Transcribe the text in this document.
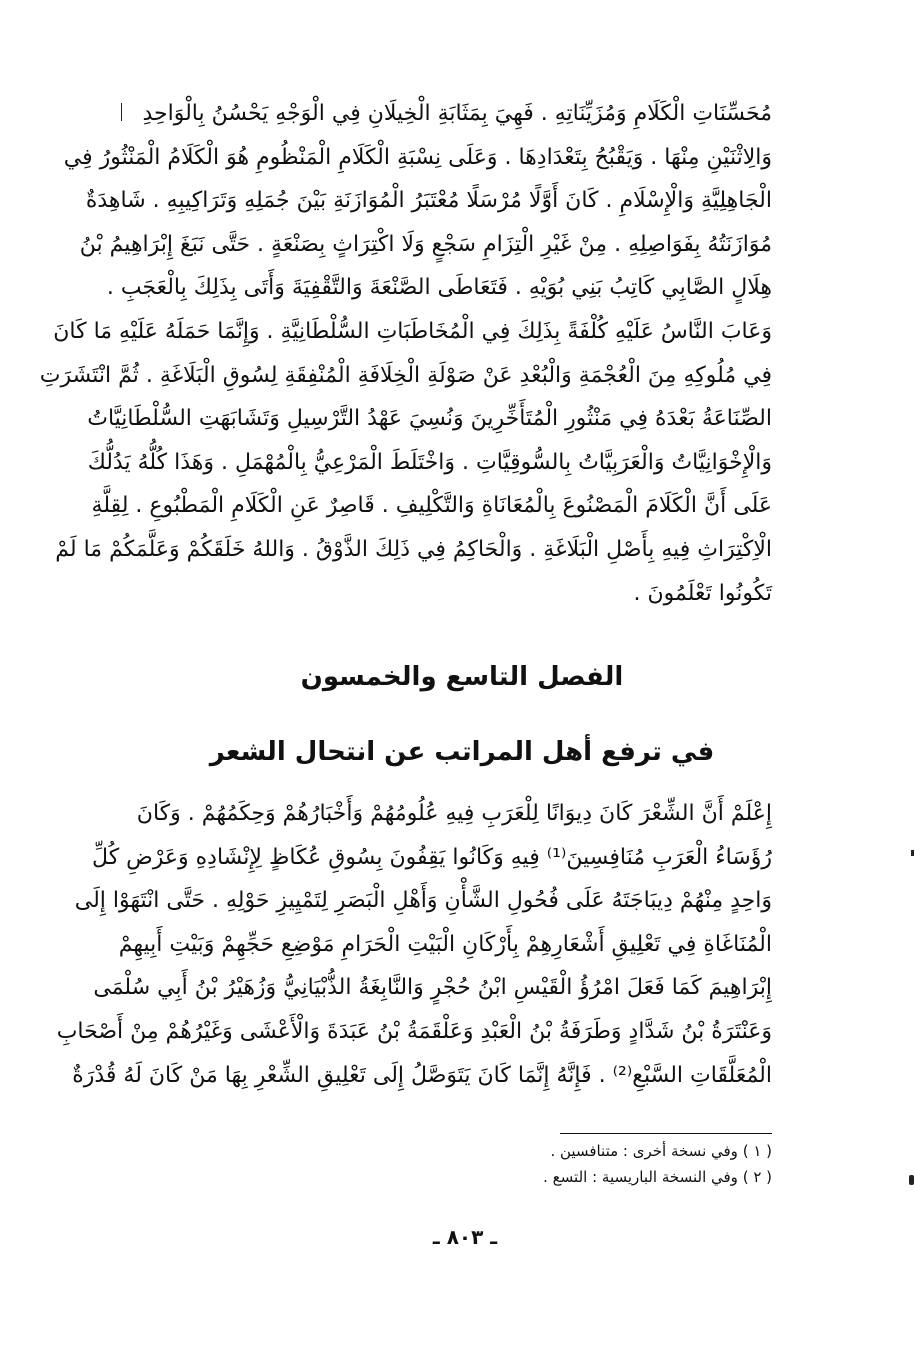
مُحَسِّنَاتِ الْكَلَامِ وَمُزَيِّنَاتِهِ . فَهِيَ بِمَثَابَةِ الْخِيلَانِ فِي الْوَجْهِ يَحْسُنُ بِالْوَاحِدِ
وَالِاثْنَيْنِ مِنْهَا . وَيَقْبُحُ بِتَعْدَادِهَا . وَعَلَى نِسْبَةِ الْكَلَامِ الْمَنْظُومِ هُوَ الْكَلَامُ الْمَنْثُورُ فِي
الْجَاهِلِيَّةِ وَالْإِسْلَامِ . كَانَ أَوَّلًا مُرْسَلًا مُعْتَبَرُ الْمُوَازَنَةِ بَيْنَ جُمَلِهِ وَتَرَاكِيبِهِ . شَاهِدَةٌ
مُوَازَنَتُهُ بِفَوَاصِلِهِ . مِنْ غَيْرِ الْتِزَامِ سَجْعٍ وَلَا اكْتِرَاثٍ بِصَنْعَةٍ . حَتَّى نَبَغَ إِبْرَاهِيمُ بْنُ
هِلَالٍ الصَّابِي كَاتِبُ بَنِي بُوَيْهِ . فَتَعَاطَى الصَّنْعَةَ وَالتَّقْفِيَةَ وَأَتَى بِذَلِكَ بِالْعَجَبِ .
وَعَابَ النَّاسُ عَلَيْهِ كُلْفَةً بِذَلِكَ فِي الْمُخَاطَبَاتِ السُّلْطَانِيَّةِ . وَإِنَّمَا حَمَلَهُ عَلَيْهِ مَا كَانَ
فِي مُلُوكِهِ مِنَ الْعُجْمَةِ وَالْبُعْدِ عَنْ صَوْلَةِ الْخِلَافَةِ الْمُنْفِقَةِ لِسُوقِ الْبَلَاغَةِ . ثُمَّ انْتَشَرَتِ
الصِّنَاعَةُ بَعْدَهُ فِي مَنْثُورِ الْمُتَأَخِّرِينَ وَنُسِيَ عَهْدُ التَّرْسِيلِ وَتَشَابَهَتِ السُّلْطَانِيَّاتُ
وَالْإِخْوَانِيَّاتُ وَالْعَرَبِيَّاتُ بِالسُّوقِيَّاتِ . وَاخْتَلَطَ الْمَرْعِيُّ بِالْمُهْمَلِ . وَهَذَا كُلُّهُ يَدُلُّكَ
عَلَى أَنَّ الْكَلَامَ الْمَصْنُوعَ بِالْمُعَانَاةِ وَالتَّكْلِيفِ . قَاصِرٌ عَنِ الْكَلَامِ الْمَطْبُوعِ . لِقِلَّةِ
الْاِكْتِرَاثِ فِيهِ بِأَصْلِ الْبَلَاغَةِ . وَالْحَاكِمُ فِي ذَلِكَ الذَّوْقُ . وَاللهُ خَلَقَكُمْ وَعَلَّمَكُمْ مَا لَمْ
تَكُونُوا تَعْلَمُونَ .
الفصل التاسع والخمسون
في ترفع أهل المراتب عن انتحال الشعر
إِعْلَمْ أَنَّ الشِّعْرَ كَانَ دِيوَانًا لِلْعَرَبِ فِيهِ عُلُومُهُمْ وَأَخْبَارُهُمْ وَحِكَمُهُمْ . وَكَانَ
رُؤَسَاءُ الْعَرَبِ مُنَافِسِينَ⁽¹⁾ فِيهِ وَكَانُوا يَقِفُونَ بِسُوقِ عُكَاظٍ لِإِنْشَادِهِ وَعَرْضِ كُلِّ
وَاحِدٍ مِنْهُمْ دِيبَاجَتَهُ عَلَى فُحُولِ الشَّأْنِ وَأَهْلِ الْبَصَرِ لِتَمْيِيزِ حَوْلِهِ . حَتَّى انْتَهَوْا إِلَى
الْمُنَاغَاةِ فِي تَعْلِيقِ أَشْعَارِهِمْ بِأَرْكَانِ الْبَيْتِ الْحَرَامِ مَوْضِعِ حَجِّهِمْ وَبَيْتِ أَبِيهِمْ
إِبْرَاهِيمَ كَمَا فَعَلَ امْرُؤُ الْقَيْسِ ابْنُ حُجْرٍ وَالنَّابِغَةُ الذُّبْيَانِيُّ وَزُهَيْرُ بْنُ أَبِي سُلْمَى
وَعَنْتَرَةُ بْنُ شَدَّادٍ وَطَرَفَةُ بْنُ الْعَبْدِ وَعَلْقَمَةُ بْنُ عَبَدَةَ وَالْأَعْشَى وَغَيْرُهُمْ مِنْ أَصْحَابِ
الْمُعَلَّقَاتِ السَّبْعِ⁽²⁾ . فَإِنَّهُ إِنَّمَا كَانَ يَتَوَصَّلُ إِلَى تَعْلِيقِ الشِّعْرِ بِهَا مَنْ كَانَ لَهُ قُدْرَةٌ
( ١ ) وفي نسخة أخرى : متنافسين .
( ٢ ) وفي النسخة الباريسية : التسع .
ـ ٨٠٣ ـ
